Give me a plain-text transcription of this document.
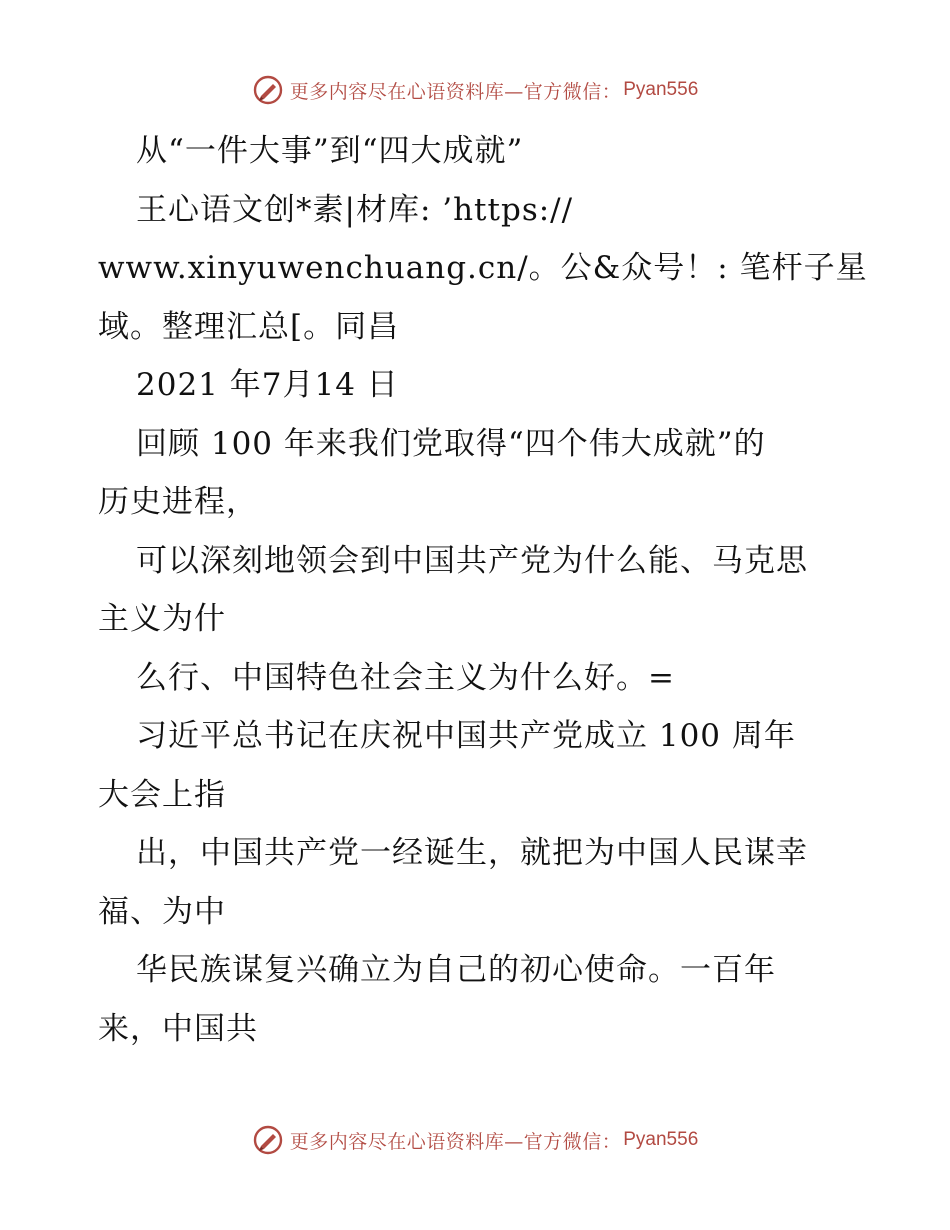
更多内容尽在心语资料库—官方微信： Pyan556
从“一件大事”到“四大成就”
王心语文创*素|材库: ’https://
www.xinyuwenchuang.cn/。公&众号！: 笔杆子星
域。整理汇总[。同昌
2021 年7月14 日
回顾 100 年来我们党取得“四个伟大成就”的
历史进程，
可以深刻地领会到中国共产党为什么能、马克思
主义为什
么行、中国特色社会主义为什么好。=
习近平总书记在庆祝中国共产党成立 100 周年
大会上指
出，中国共产党一经诞生，就把为中国人民谋幸
福、为中
华民族谋复兴确立为自己的初心使命。一百年
来，中国共
更多内容尽在心语资料库—官方微信： Pyan556
